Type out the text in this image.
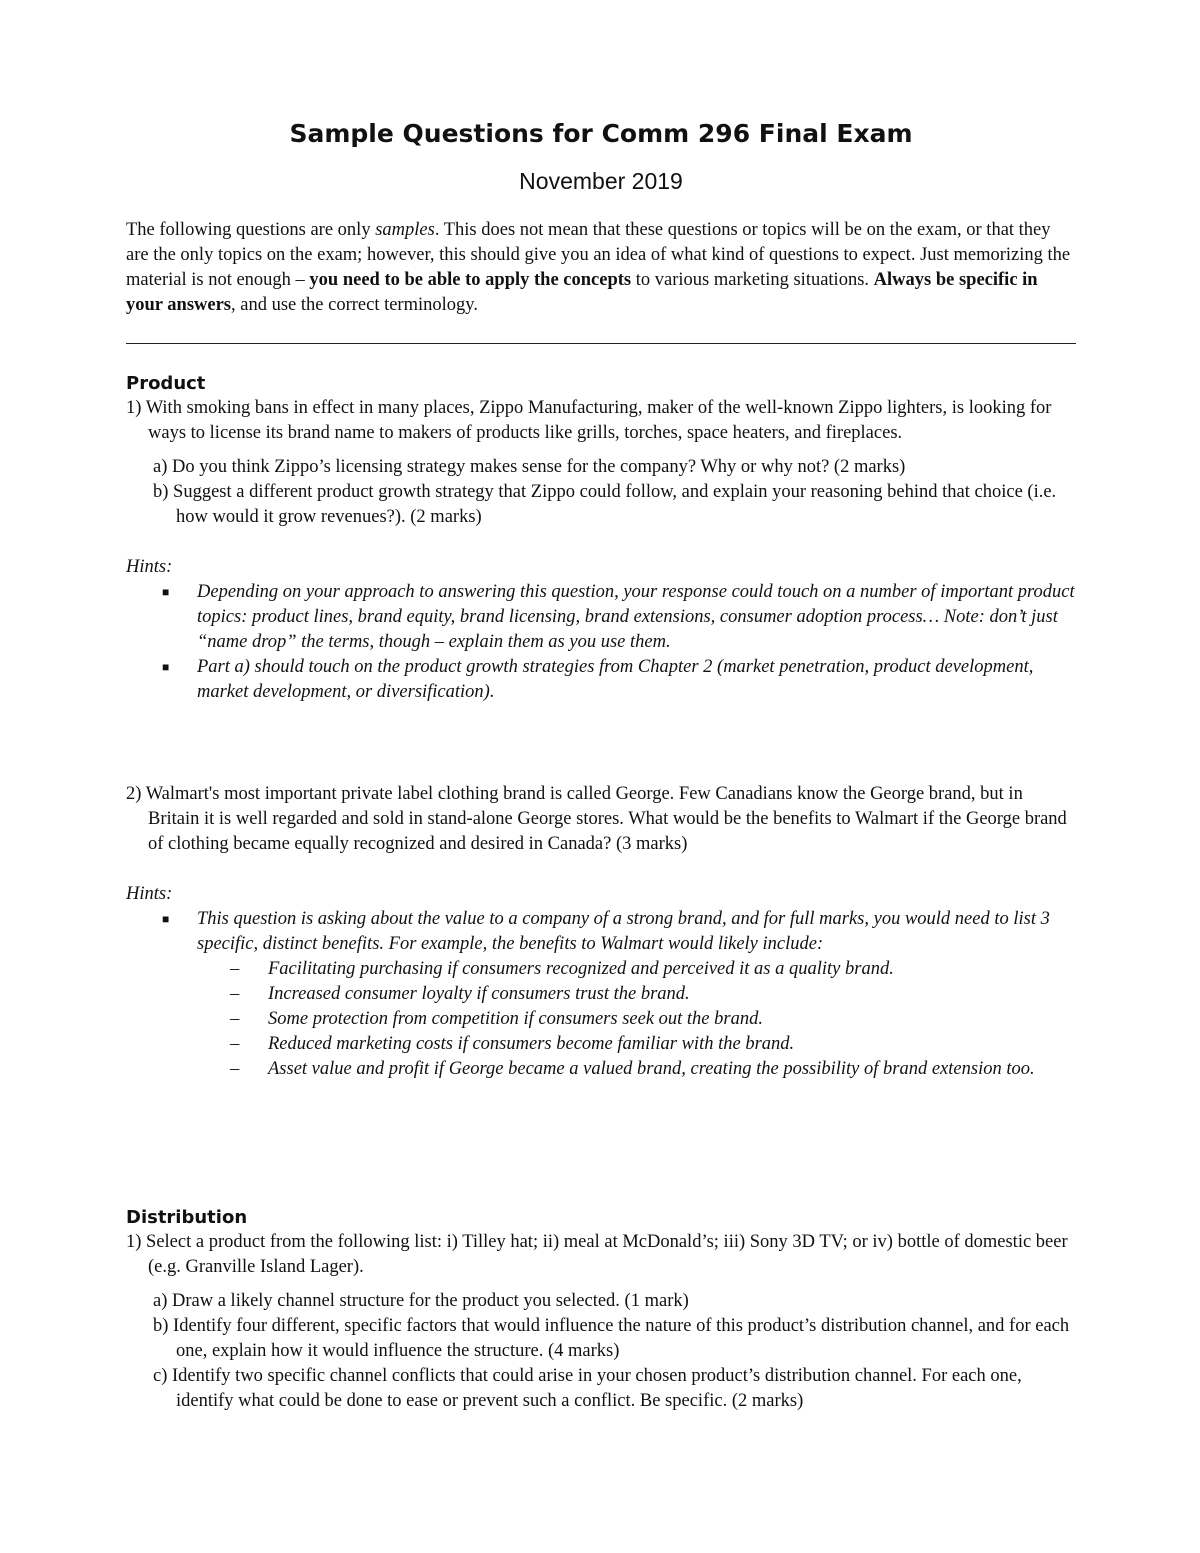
Sample Questions for Comm 296 Final Exam
November 2019

The following questions are only samples. This does not mean that these questions or topics will be on the exam, or that they are the only topics on the exam; however, this should give you an idea of what kind of questions to expect. Just memorizing the material is not enough – you need to be able to apply the concepts to various marketing situations. Always be specific in your answers, and use the correct terminology.

Product

1) With smoking bans in effect in many places, Zippo Manufacturing, maker of the well-known Zippo lighters, is looking for ways to license its brand name to makers of products like grills, torches, space heaters, and fireplaces.

a) Do you think Zippo’s licensing strategy makes sense for the company? Why or why not? (2 marks)

b) Suggest a different product growth strategy that Zippo could follow, and explain your reasoning behind that choice (i.e. how would it grow revenues?). (2 marks)

Hints:

■ Depending on your approach to answering this question, your response could touch on a number of important product topics: product lines, brand equity, brand licensing, brand extensions, consumer adoption process… Note: don’t just “name drop” the terms, though – explain them as you use them.
■ Part a) should touch on the product growth strategies from Chapter 2 (market penetration, product development, market development, or diversification).

2) Walmart's most important private label clothing brand is called George. Few Canadians know the George brand, but in Britain it is well regarded and sold in stand-alone George stores. What would be the benefits to Walmart if the George brand of clothing became equally recognized and desired in Canada? (3 marks)

Hints:

■ This question is asking about the value to a company of a strong brand, and for full marks, you would need to list 3 specific, distinct benefits. For example, the benefits to Walmart would likely include:
– Facilitating purchasing if consumers recognized and perceived it as a quality brand.
– Increased consumer loyalty if consumers trust the brand.
– Some protection from competition if consumers seek out the brand.
– Reduced marketing costs if consumers become familiar with the brand.
– Asset value and profit if George became a valued brand, creating the possibility of brand extension too.
Distribution

1) Select a product from the following list: i) Tilley hat; ii) meal at McDonald’s; iii) Sony 3D TV; or iv) bottle of domestic beer (e.g. Granville Island Lager).

a) Draw a likely channel structure for the product you selected. (1 mark)

b) Identify four different, specific factors that would influence the nature of this product’s distribution channel, and for each one, explain how it would influence the structure. (4 marks)

c) Identify two specific channel conflicts that could arise in your chosen product’s distribution channel. For each one, identify what could be done to ease or prevent such a conflict. Be specific. (2 marks)
